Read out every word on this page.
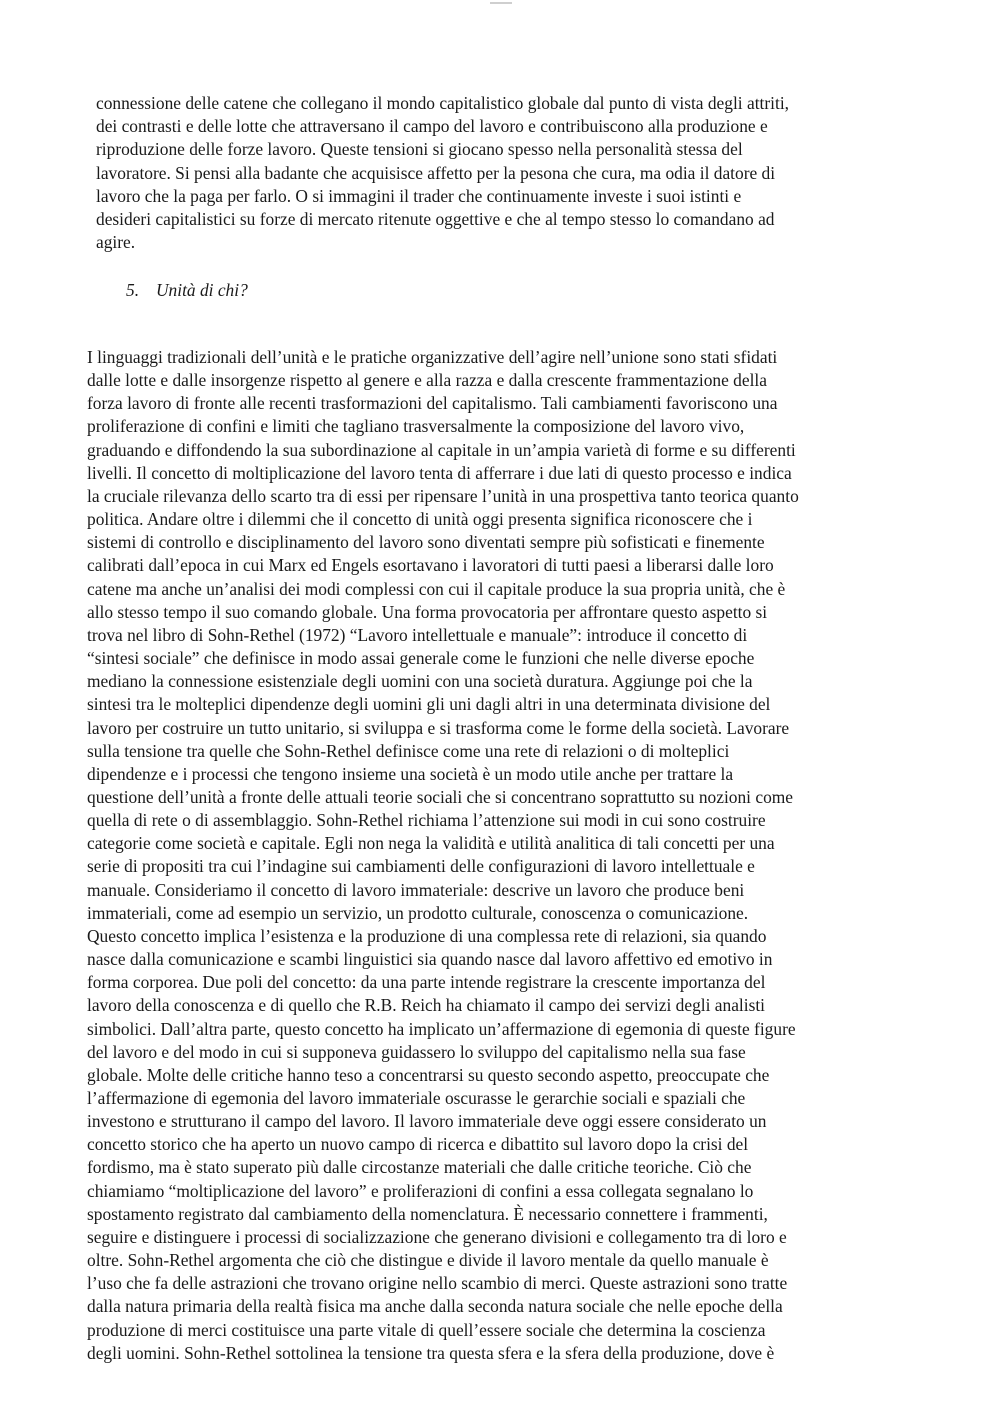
connessione delle catene che collegano il mondo capitalistico globale dal punto di vista degli attriti,
dei contrasti e delle lotte che attraversano il campo del lavoro e contribuiscono alla produzione e
riproduzione delle forze lavoro. Queste tensioni si giocano spesso nella personalità stessa del
lavoratore. Si pensi alla badante che acquisisce affetto per la pesona che cura, ma odia il datore di
lavoro che la paga per farlo. O si immagini il trader che continuamente investe i suoi istinti e
desideri capitalistici su forze di mercato ritenute oggettive e che al tempo stesso lo comandano ad
agire.

5. Unità di chi?

I linguaggi tradizionali dell’unità e le pratiche organizzative dell’agire nell’unione sono stati sfidati
dalle lotte e dalle insorgenze rispetto al genere e alla razza e dalla crescente frammentazione della
forza lavoro di fronte alle recenti trasformazioni del capitalismo. Tali cambiamenti favoriscono una
proliferazione di confini e limiti che tagliano trasversalmente la composizione del lavoro vivo,
graduando e diffondendo la sua subordinazione al capitale in un’ampia varietà di forme e su differenti
livelli. Il concetto di moltiplicazione del lavoro tenta di afferrare i due lati di questo processo e indica
la cruciale rilevanza dello scarto tra di essi per ripensare l’unità in una prospettiva tanto teorica quanto
politica. Andare oltre i dilemmi che il concetto di unità oggi presenta significa riconoscere che i
sistemi di controllo e disciplinamento del lavoro sono diventati sempre più sofisticati e finemente
calibrati dall’epoca in cui Marx ed Engels esortavano i lavoratori di tutti paesi a liberarsi dalle loro
catene ma anche un’analisi dei modi complessi con cui il capitale produce la sua propria unità, che è
allo stesso tempo il suo comando globale. Una forma provocatoria per affrontare questo aspetto si
trova nel libro di Sohn-Rethel (1972) “Lavoro intellettuale e manuale”: introduce il concetto di
“sintesi sociale” che definisce in modo assai generale come le funzioni che nelle diverse epoche
mediano la connessione esistenziale degli uomini con una società duratura. Aggiunge poi che la
sintesi tra le molteplici dipendenze degli uomini gli uni dagli altri in una determinata divisione del
lavoro per costruire un tutto unitario, si sviluppa e si trasforma come le forme della società. Lavorare
sulla tensione tra quelle che Sohn-Rethel definisce come una rete di relazioni o di molteplici
dipendenze e i processi che tengono insieme una società è un modo utile anche per trattare la
questione dell’unità a fronte delle attuali teorie sociali che si concentrano soprattutto su nozioni come
quella di rete o di assemblaggio. Sohn-Rethel richiama l’attenzione sui modi in cui sono costruire
categorie come società e capitale. Egli non nega la validità e utilità analitica di tali concetti per una
serie di propositi tra cui l’indagine sui cambiamenti delle configurazioni di lavoro intellettuale e
manuale. Consideriamo il concetto di lavoro immateriale: descrive un lavoro che produce beni
immateriali, come ad esempio un servizio, un prodotto culturale, conoscenza o comunicazione.
Questo concetto implica l’esistenza e la produzione di una complessa rete di relazioni, sia quando
nasce dalla comunicazione e scambi linguistici sia quando nasce dal lavoro affettivo ed emotivo in
forma corporea. Due poli del concetto: da una parte intende registrare la crescente importanza del
lavoro della conoscenza e di quello che R.B. Reich ha chiamato il campo dei servizi degli analisti
simbolici. Dall’altra parte, questo concetto ha implicato un’affermazione di egemonia di queste figure
del lavoro e del modo in cui si supponeva guidassero lo sviluppo del capitalismo nella sua fase
globale. Molte delle critiche hanno teso a concentrarsi su questo secondo aspetto, preoccupate che
l’affermazione di egemonia del lavoro immateriale oscurasse le gerarchie sociali e spaziali che
investono e strutturano il campo del lavoro. Il lavoro immateriale deve oggi essere considerato un
concetto storico che ha aperto un nuovo campo di ricerca e dibattito sul lavoro dopo la crisi del
fordismo, ma è stato superato più dalle circostanze materiali che dalle critiche teoriche. Ciò che
chiamiamo “moltiplicazione del lavoro” e proliferazioni di confini a essa collegata segnalano lo
spostamento registrato dal cambiamento della nomenclatura. È necessario connettere i frammenti,
seguire e distinguere i processi di socializzazione che generano divisioni e collegamento tra di loro e
oltre. Sohn-Rethel argomenta che ciò che distingue e divide il lavoro mentale da quello manuale è
l’uso che fa delle astrazioni che trovano origine nello scambio di merci. Queste astrazioni sono tratte
dalla natura primaria della realtà fisica ma anche dalla seconda natura sociale che nelle epoche della
produzione di merci costituisce una parte vitale di quell’essere sociale che determina la coscienza
degli uomini. Sohn-Rethel sottolinea la tensione tra questa sfera e la sfera della produzione, dove è
